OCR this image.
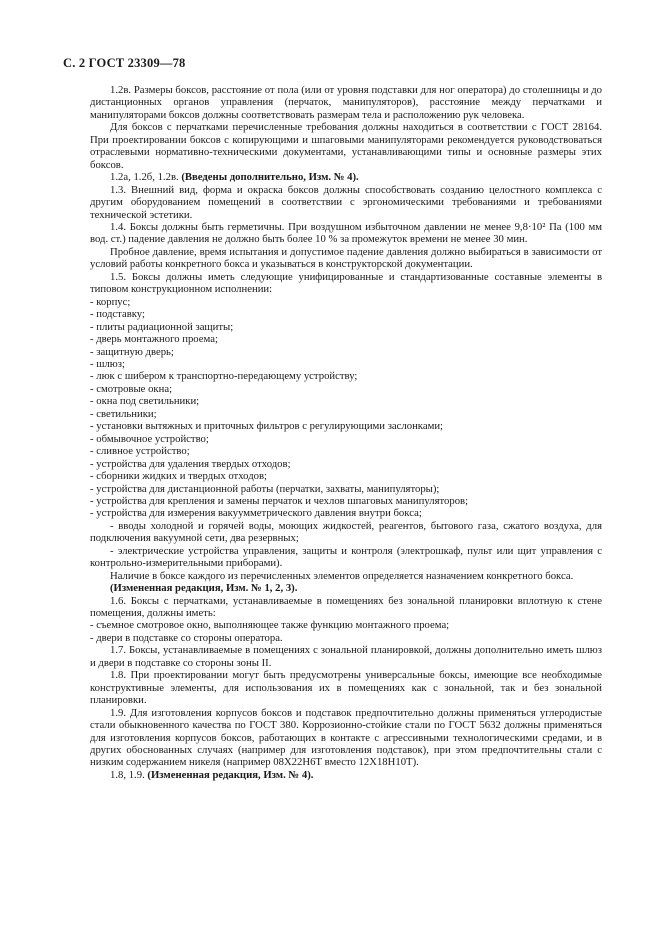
С. 2 ГОСТ 23309—78

1.2в. Размеры боксов, расстояние от пола (или от уровня подставки для ног оператора) до столешницы и до дистанционных органов управления (перчаток, манипуляторов), расстояние между перчатками и манипуляторами боксов должны соответствовать размерам тела и расположению рук человека.

Для боксов с перчатками перечисленные требования должны находиться в соответствии с ГОСТ 28164. При проектировании боксов с копирующими и шпаговыми манипуляторами рекомендуется руководствоваться отраслевыми нормативно-техническими документами, устанавливающими типы и основные размеры этих боксов.

1.2а, 1.2б, 1.2в. (Введены дополнительно, Изм. № 4).

1.3. Внешний вид, форма и окраска боксов должны способствовать созданию целостного комплекса с другим оборудованием помещений в соответствии с эргономическими требованиями и требованиями технической эстетики.

1.4. Боксы должны быть герметичны. При воздушном избыточном давлении не менее 9,8·10² Па (100 мм вод. ст.) падение давления не должно быть более 10 % за промежуток времени не менее 30 мин.

Пробное давление, время испытания и допустимое падение давления должно выбираться в зависимости от условий работы конкретного бокса и указываться в конструкторской документации.

1.5. Боксы должны иметь следующие унифицированные и стандартизованные составные элементы в типовом конструкционном исполнении:

- корпус;

- подставку;

- плиты радиационной защиты;

- дверь монтажного проема;

- защитную дверь;

- шлюз;

- люк с шибером к транспортно-передающему устройству;

- смотровые окна;

- окна под светильники;

- светильники;

- установки вытяжных и приточных фильтров с регулирующими заслонками;

- обмывочное устройство;

- сливное устройство;

- устройства для удаления твердых отходов;

- сборники жидких и твердых отходов;

- устройства для дистанционной работы (перчатки, захваты, манипуляторы);

- устройства для крепления и замены перчаток и чехлов шпаговых манипуляторов;

- устройства для измерения вакуумметрического давления внутри бокса;

- вводы холодной и горячей воды, моющих жидкостей, реагентов, бытового газа, сжатого воздуха, для подключения вакуумной сети, два резервных;

- электрические устройства управления, защиты и контроля (электрошкаф, пульт или щит управления с контрольно-измерительными приборами).

Наличие в боксе каждого из перечисленных элементов определяется назначением конкретного бокса.

(Измененная редакция, Изм. № 1, 2, 3).

1.6. Боксы с перчатками, устанавливаемые в помещениях без зональной планировки вплотную к стене помещения, должны иметь:

- съемное смотровое окно, выполняющее также функцию монтажного проема;

- двери в подставке со стороны оператора.

1.7. Боксы, устанавливаемые в помещениях с зональной планировкой, должны дополнительно иметь шлюз и двери в подставке со стороны зоны II.

1.8. При проектировании могут быть предусмотрены универсальные боксы, имеющие все необходимые конструктивные элементы, для использования их в помещениях как с зональной, так и без зональной планировки.

1.9. Для изготовления корпусов боксов и подставок предпочтительно должны применяться углеродистые стали обыкновенного качества по ГОСТ 380. Коррозионно-стойкие стали по ГОСТ 5632 должны применяться для изготовления корпусов боксов, работающих в контакте с агрессивными технологическими средами, и в других обоснованных случаях (например для изготовления подставок), при этом предпочтительны стали с низким содержанием никеля (например 08Х22Н6Т вместо 12Х18Н10Т).

1.8, 1.9. (Измененная редакция, Изм. № 4).
